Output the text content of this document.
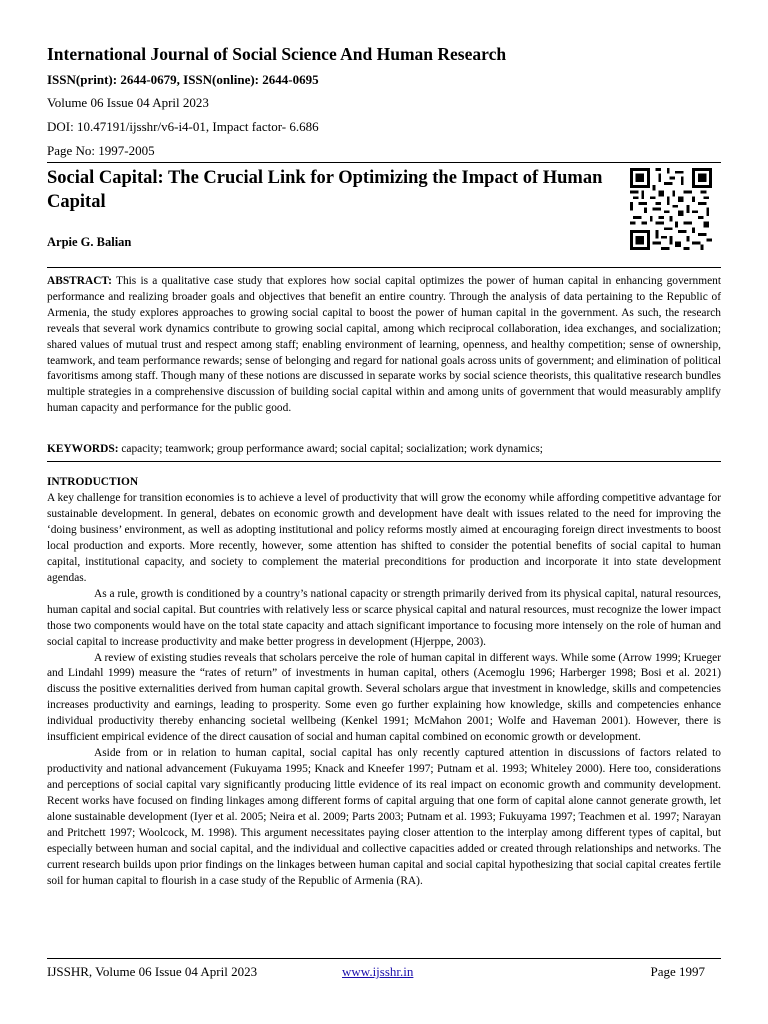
International Journal of Social Science And Human Research
ISSN(print): 2644-0679, ISSN(online): 2644-0695
Volume 06 Issue 04 April 2023
DOI: 10.47191/ijsshr/v6-i4-01, Impact factor- 6.686
Page No: 1997-2005
Social Capital: The Crucial Link for Optimizing the Impact of Human Capital
Arpie G. Balian
ABSTRACT: This is a qualitative case study that explores how social capital optimizes the power of human capital in enhancing government performance and realizing broader goals and objectives that benefit an entire country. Through the analysis of data pertaining to the Republic of Armenia, the study explores approaches to growing social capital to boost the power of human capital in the government. As such, the research reveals that several work dynamics contribute to growing social capital, among which reciprocal collaboration, idea exchanges, and socialization; shared values of mutual trust and respect among staff; enabling environment of learning, openness, and healthy competition; sense of ownership, teamwork, and team performance rewards; sense of belonging and regard for national goals across units of government; and elimination of political favoritisms among staff. Though many of these notions are discussed in separate works by social science theorists, this qualitative research bundles multiple strategies in a comprehensive discussion of building social capital within and among units of government that would measurably amplify human capacity and performance for the public good.
KEYWORDS: capacity; teamwork; group performance award; social capital; socialization; work dynamics;
INTRODUCTION

A key challenge for transition economies is to achieve a level of productivity that will grow the economy while affording competitive advantage for sustainable development. In general, debates on economic growth and development have dealt with issues related to the need for improving the ‘doing business’ environment, as well as adopting institutional and policy reforms mostly aimed at encouraging foreign direct investments to boost local production and exports. More recently, however, some attention has shifted to consider the potential benefits of social capital to human capital, institutional capacity, and society to complement the material preconditions for production and incorporate it into state development agendas.

As a rule, growth is conditioned by a country’s national capacity or strength primarily derived from its physical capital, natural resources, human capital and social capital. But countries with relatively less or scarce physical capital and natural resources, must recognize the lower impact those two components would have on the total state capacity and attach significant importance to focusing more intensely on the role of human and social capital to increase productivity and make better progress in development (Hjerppe, 2003).

A review of existing studies reveals that scholars perceive the role of human capital in different ways. While some (Arrow 1999; Krueger and Lindahl 1999) measure the “rates of return” of investments in human capital, others (Acemoglu 1996; Harberger 1998; Bosi et al. 2021) discuss the positive externalities derived from human capital growth. Several scholars argue that investment in knowledge, skills and competencies increases productivity and earnings, leading to prosperity. Some even go further explaining how knowledge, skills and competencies enhance individual productivity thereby enhancing societal wellbeing (Kenkel 1991; McMahon 2001; Wolfe and Haveman 2001). However, there is insufficient empirical evidence of the direct causation of social and human capital combined on economic growth or development.

Aside from or in relation to human capital, social capital has only recently captured attention in discussions of factors related to productivity and national advancement (Fukuyama 1995; Knack and Kneefer 1997; Putnam et al. 1993; Whiteley 2000). Here too, considerations and perceptions of social capital vary significantly producing little evidence of its real impact on economic growth and community development. Recent works have focused on finding linkages among different forms of capital arguing that one form of capital alone cannot generate growth, let alone sustainable development (Iyer et al. 2005; Neira et al. 2009; Parts 2003; Putnam et al. 1993; Fukuyama 1997; Teachmen et al. 1997; Narayan and Pritchett 1997; Woolcock, M. 1998). This argument necessitates paying closer attention to the interplay among different types of capital, but especially between human and social capital, and the individual and collective capacities added or created through relationships and networks. The current research builds upon prior findings on the linkages between human capital and social capital hypothesizing that social capital creates fertile soil for human capital to flourish in a case study of the Republic of Armenia (RA).

IJSSHR, Volume 06 Issue 04 April 2023	www.ijsshr.in	Page 1997
